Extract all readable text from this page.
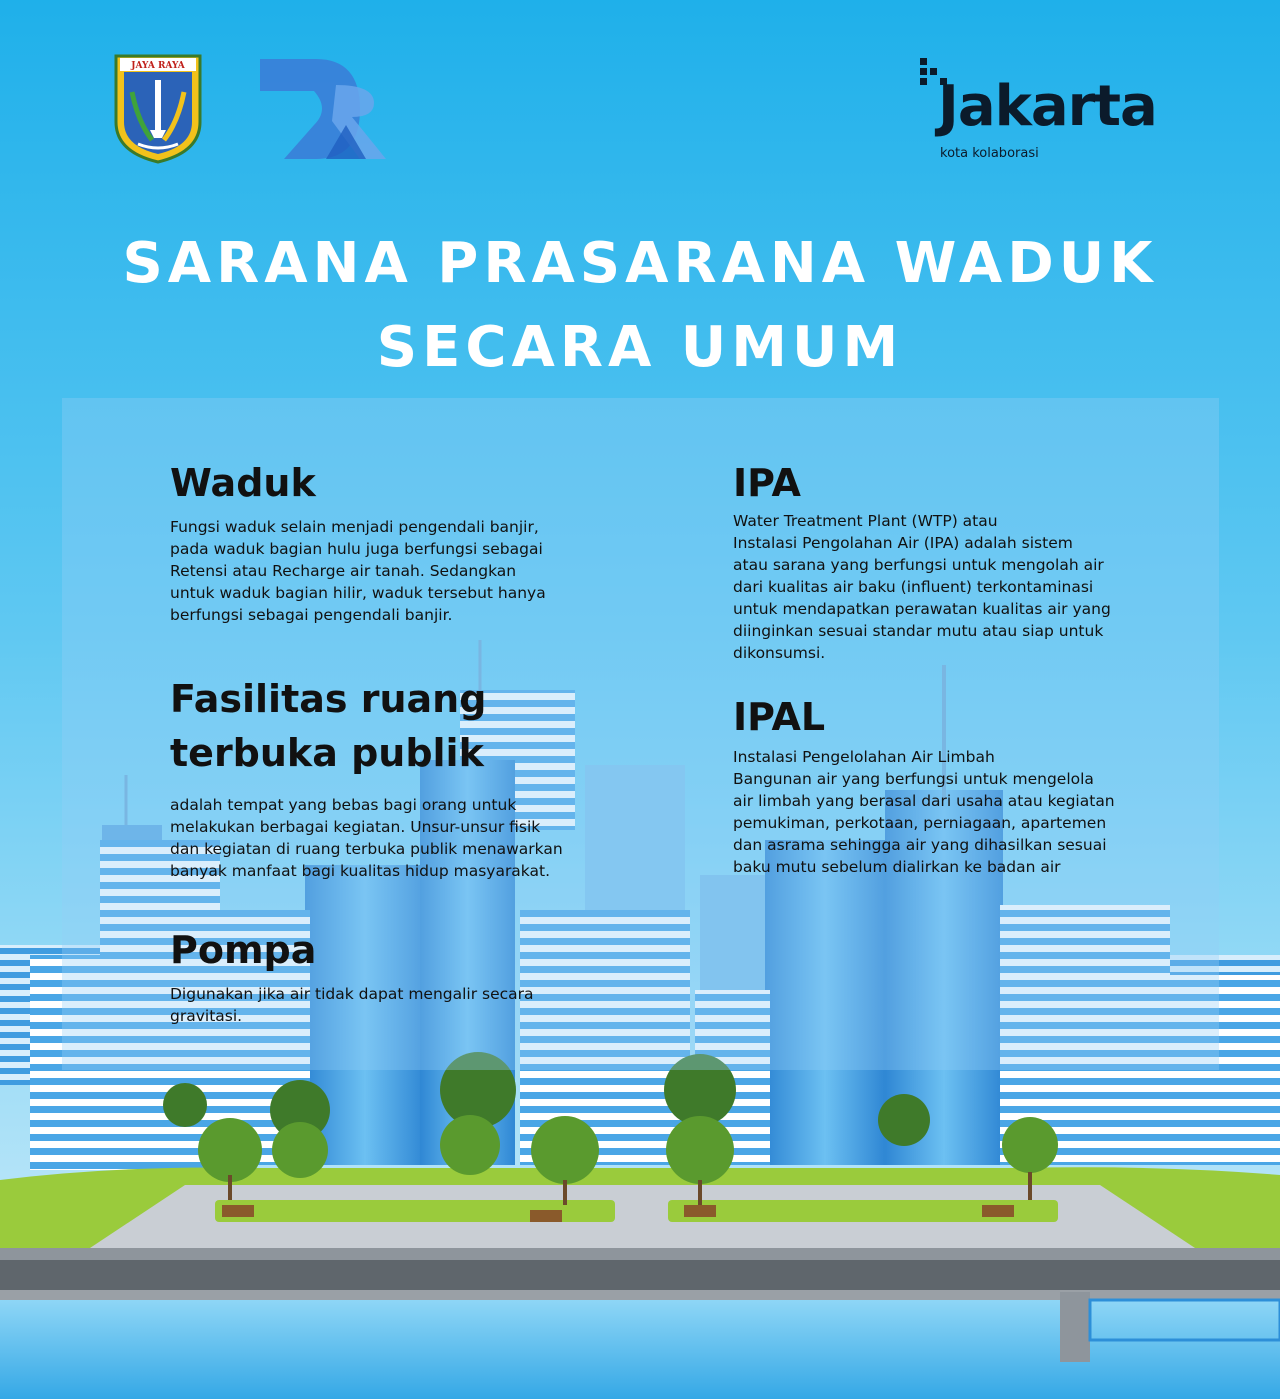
JAYA RAYA
Jakarta
kota kolaborasi
SARANA PRASARANA WADUK
SECARA UMUM
Waduk
Fungsi waduk selain menjadi pengendali banjir,
pada waduk bagian hulu juga berfungsi sebagai
Retensi atau Recharge air tanah. Sedangkan
untuk waduk bagian hilir, waduk tersebut hanya
berfungsi sebagai pengendali banjir.
Fasilitas ruang
terbuka publik
adalah tempat yang bebas bagi orang untuk
melakukan berbagai kegiatan. Unsur-unsur fisik
dan kegiatan di ruang terbuka publik menawarkan
banyak manfaat bagi kualitas hidup masyarakat.
Pompa
Digunakan jika air tidak dapat mengalir secara
gravitasi.
IPA
Water Treatment Plant (WTP) atau
Instalasi Pengolahan Air (IPA) adalah sistem
atau sarana yang berfungsi untuk mengolah air
dari kualitas air baku (influent) terkontaminasi
untuk mendapatkan perawatan kualitas air yang
diinginkan sesuai standar mutu atau siap untuk
dikonsumsi.
IPAL
Instalasi Pengelolahan Air Limbah
Bangunan air yang berfungsi untuk mengelola
air limbah yang berasal dari usaha atau kegiatan
pemukiman, perkotaan, perniagaan, apartemen
dan asrama sehingga air yang dihasilkan sesuai
baku mutu sebelum dialirkan ke badan air
